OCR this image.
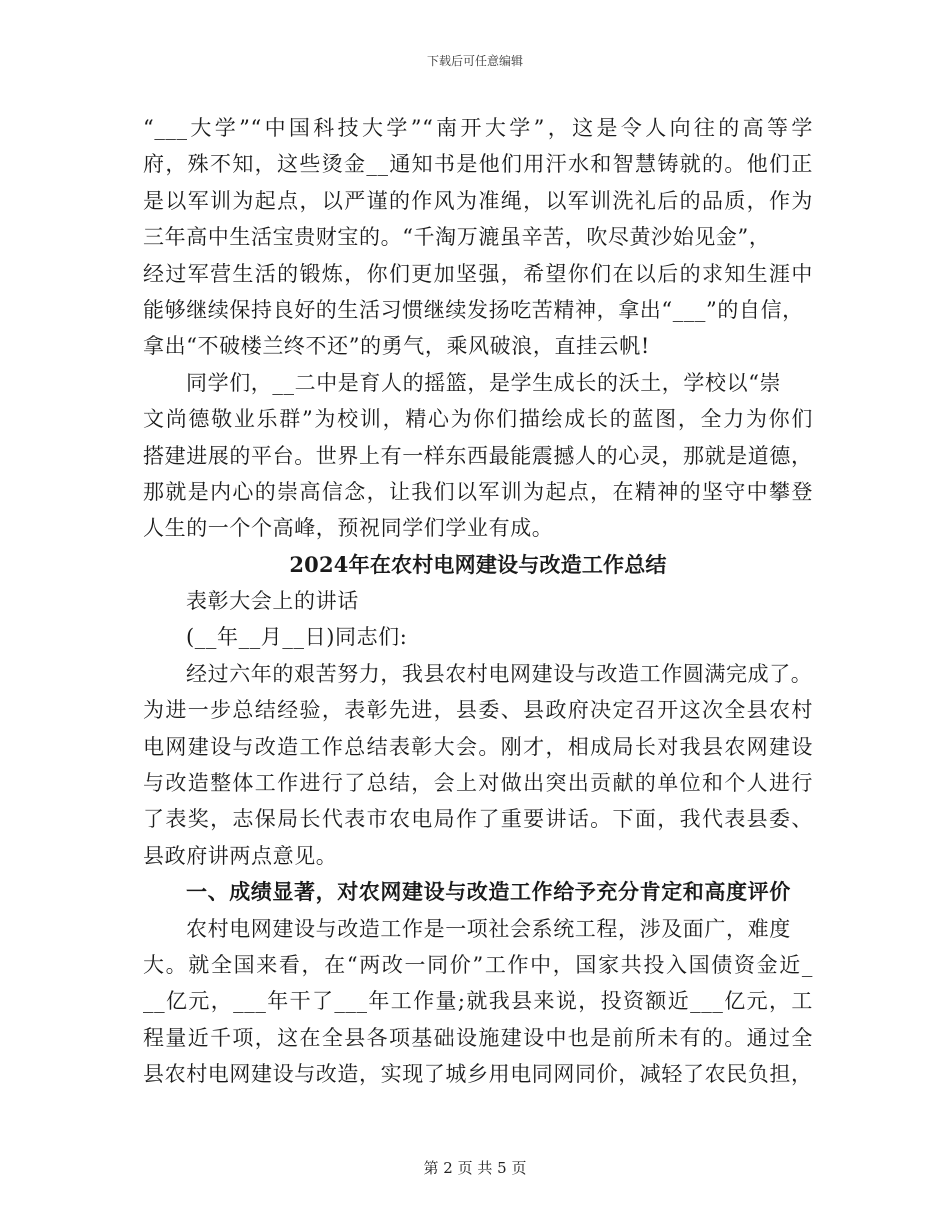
下载后可任意编辑
“___大学”“中国科技大学”“南开大学”，这是令人向往的高等学
府，殊不知，这些烫金__通知书是他们用汗水和智慧铸就的。他们正
是以军训为起点，以严谨的作风为准绳，以军训洗礼后的品质，作为
三年高中生活宝贵财宝的。“千淘万漉虽辛苦，吹尽黄沙始见金”，
经过军营生活的锻炼，你们更加坚强，希望你们在以后的求知生涯中
能够继续保持良好的生活习惯继续发扬吃苦精神，拿出“___”的自信，
拿出“不破楼兰终不还”的勇气，乘风破浪，直挂云帆!
同学们，__二中是育人的摇篮，是学生成长的沃土，学校以“崇
文尚德敬业乐群”为校训，精心为你们描绘成长的蓝图，全力为你们
搭建进展的平台。世界上有一样东西最能震撼人的心灵，那就是道德，
那就是内心的崇高信念，让我们以军训为起点，在精神的坚守中攀登
人生的一个个高峰，预祝同学们学业有成。
2024年在农村电网建设与改造工作总结
表彰大会上的讲话
(__年__月__日)同志们:
经过六年的艰苦努力，我县农村电网建设与改造工作圆满完成了。
为进一步总结经验，表彰先进，县委、县政府决定召开这次全县农村
电网建设与改造工作总结表彰大会。刚才，相成局长对我县农网建设
与改造整体工作进行了总结，会上对做出突出贡献的单位和个人进行
了表奖，志保局长代表市农电局作了重要讲话。下面，我代表县委、
县政府讲两点意见。
一、成绩显著，对农网建设与改造工作给予充分肯定和高度评价
农村电网建设与改造工作是一项社会系统工程，涉及面广，难度
大。就全国来看，在“两改一同价”工作中，国家共投入国债资金近_
__亿元，___年干了___年工作量;就我县来说，投资额近___亿元，工
程量近千项，这在全县各项基础设施建设中也是前所未有的。通过全
县农村电网建设与改造，实现了城乡用电同网同价，减轻了农民负担，
第 2 页 共 5 页
